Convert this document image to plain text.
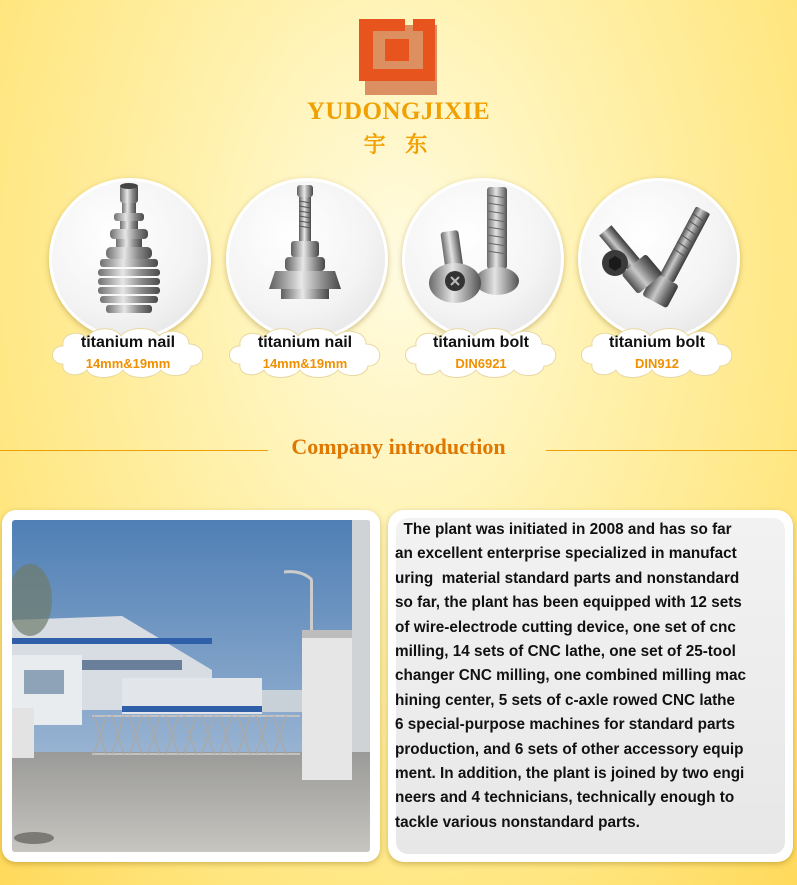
YUDONGJIXIE
宇 东
titanium nail
14mm&19mm
titanium nail
14mm&19mm
titanium bolt
DIN6921
titanium bolt
DIN912
Company introduction

The plant was initiated in 2008 and has so far
an excellent enterprise specialized in manufact
uring  material standard parts and nonstandard
so far, the plant has been equipped with 12 sets
of wire-electrode cutting device, one set of cnc
milling, 14 sets of CNC lathe, one set of 25-tool
changer CNC milling, one combined milling mac
hining center, 5 sets of c-axle rowed CNC lathe
6 special-purpose machines for standard parts
production, and 6 sets of other accessory equip
ment. In addition, the plant is joined by two engi
neers and 4 technicians, technically enough to
tackle various nonstandard parts.
